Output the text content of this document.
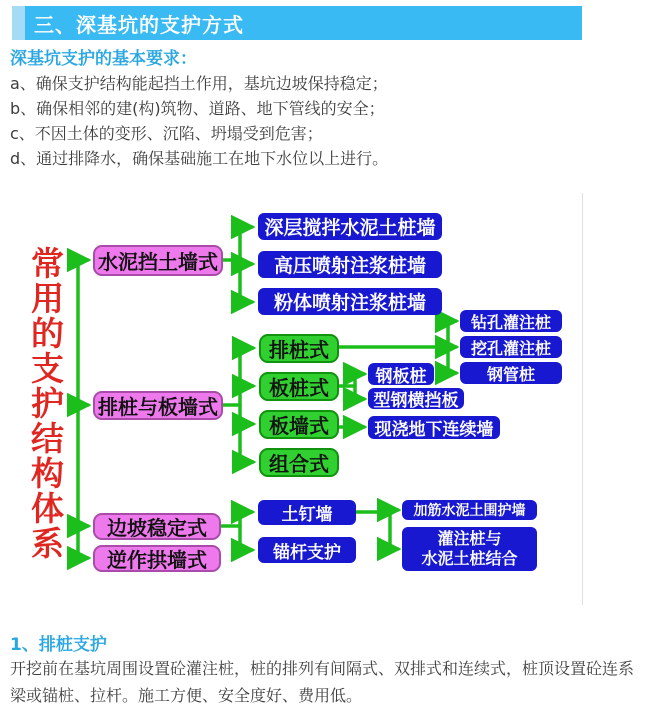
三、深基坑的支护方式
深基坑支护的基本要求：
a、确保支护结构能起挡土作用，基坑边坡保持稳定；
b、确保相邻的建(构)筑物、道路、地下管线的安全；
c、不因土体的变形、沉陷、坍塌受到危害；
d、通过排降水，确保基础施工在地下水位以上进行。
常用的支护结构体系 水泥挡土墙式
排桩与板墙式
边坡稳定式
逆作拱墙式
深层搅拌水泥土桩墙
高压喷射注浆桩墙
粉体喷射注浆桩墙
排桩式
板桩式
板墙式
组合式
钻孔灌注桩
挖孔灌注桩
钢管桩
钢板桩
型钢横挡板
现浇地下连续墙
土钉墙
锚杆支护
加筋水泥土围护墙
灌注桩与
水泥土桩结合
1、排桩支护
开挖前在基坑周围设置砼灌注桩，桩的排列有间隔式、双排式和连续式，桩顶设置砼连系梁或锚桩、拉杆。施工方便、安全度好、费用低。
